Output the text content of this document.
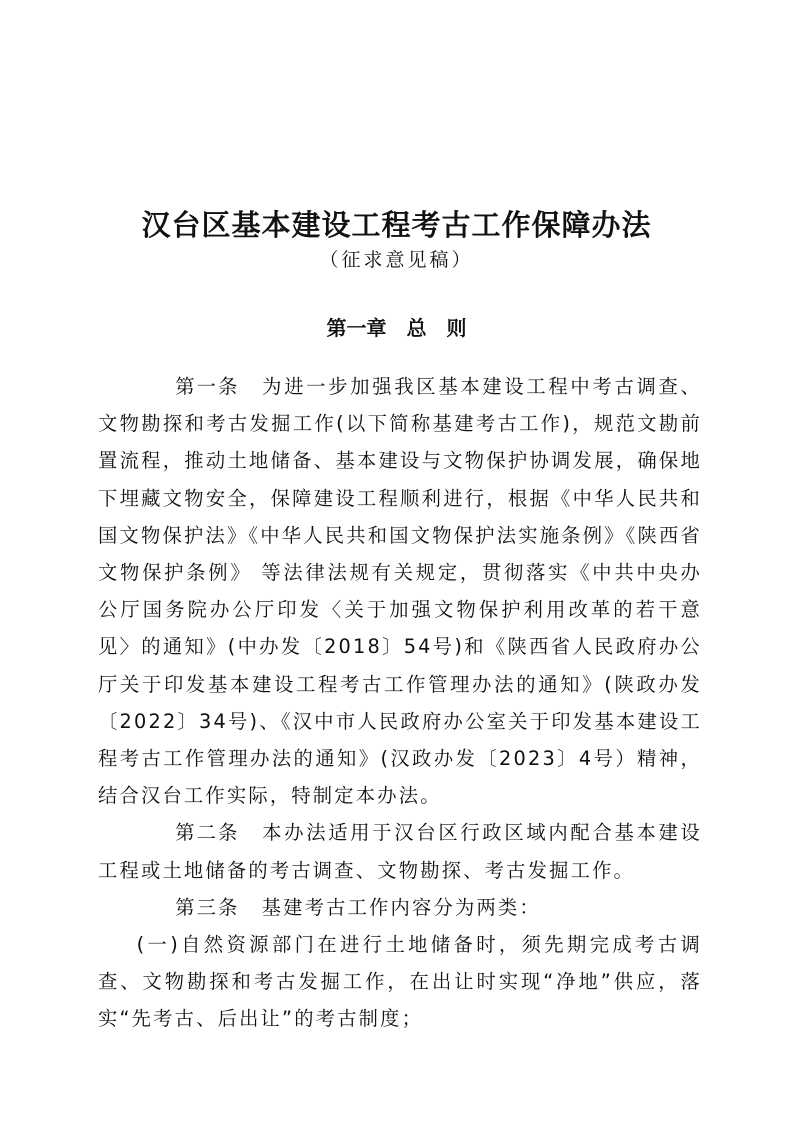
汉台区基本建设工程考古工作保障办法
（征求意见稿）
第一章　总　则

第一条 为进一步加强我区基本建设工程中考古调查、文物勘探和考古发掘工作(以下简称基建考古工作)，规范文勘前置流程，推动土地储备、基本建设与文物保护协调发展，确保地下埋藏文物安全，保障建设工程顺利进行，根据《中华人民共和国文物保护法》《中华人民共和国文物保护法实施条例》《陕西省文物保护条例》 等法律法规有关规定，贯彻落实《中共中央办公厅国务院办公厅印发〈关于加强文物保护利用改革的若干意见〉的通知》(中办发〔2018〕54号)和《陕西省人民政府办公厅关于印发基本建设工程考古工作管理办法的通知》(陕政办发〔2022〕34号)、《汉中市人民政府办公室关于印发基本建设工程考古工作管理办法的通知》(汉政办发〔2023〕4号）精神，结合汉台工作实际，特制定本办法。

第二条 本办法适用于汉台区行政区域内配合基本建设工程或土地储备的考古调查、文物勘探、考古发掘工作。

第三条 基建考古工作内容分为两类：

(一)自然资源部门在进行土地储备时，须先期完成考古调查、文物勘探和考古发掘工作，在出让时实现“净地”供应，落实“先考古、后出让”的考古制度；
